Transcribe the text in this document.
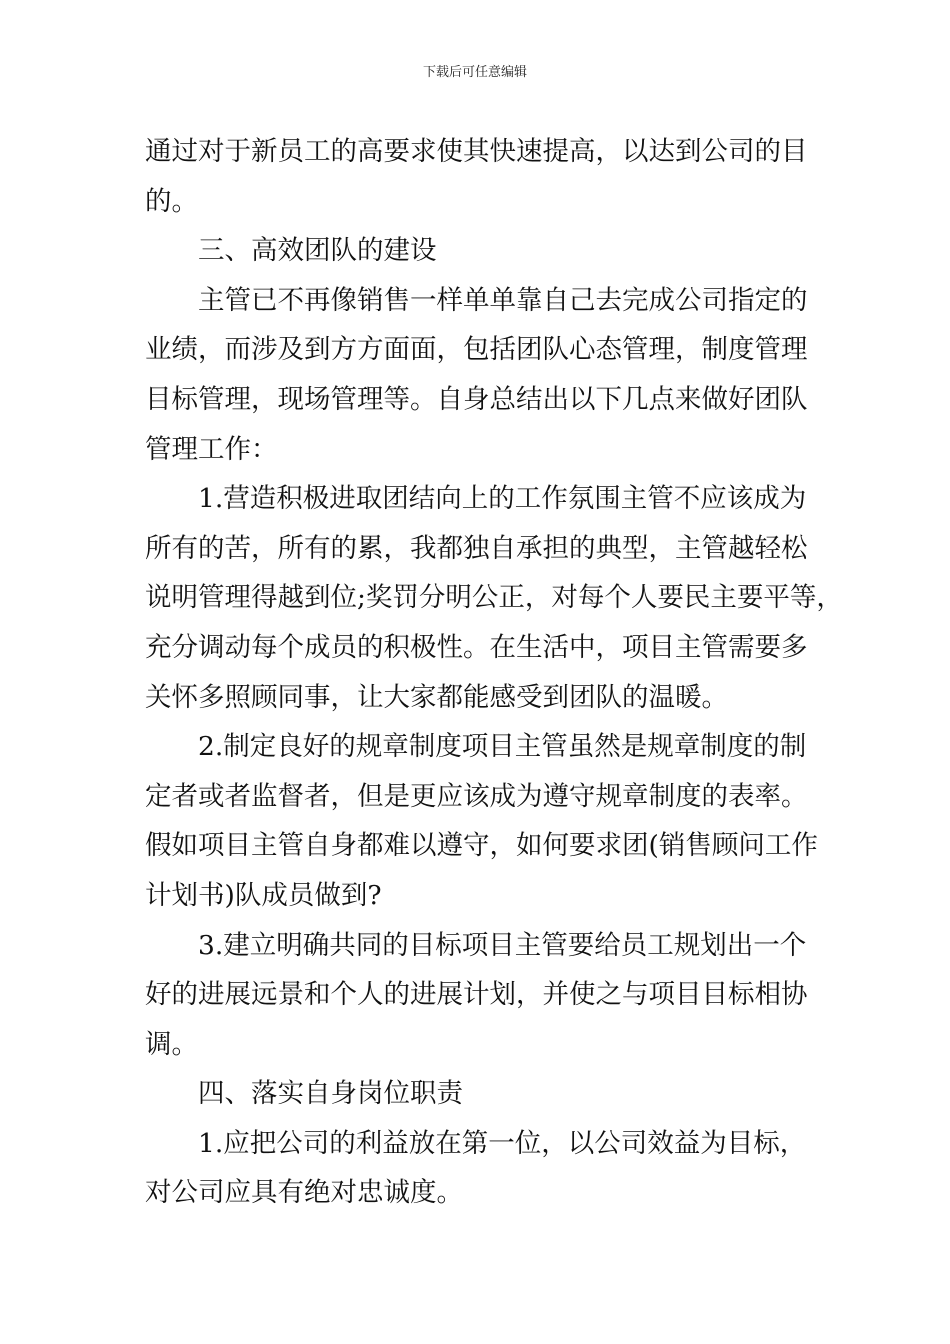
下载后可任意编辑

通过对于新员工的高要求使其快速提高，以达到公司的目
的。

三、高效团队的建设

主管已不再像销售一样单单靠自己去完成公司指定的
业绩，而涉及到方方面面，包括团队心态管理，制度管理
目标管理，现场管理等。自身总结出以下几点来做好团队
管理工作：

1.营造积极进取团结向上的工作氛围主管不应该成为
所有的苦，所有的累，我都独自承担的典型，主管越轻松
说明管理得越到位;奖罚分明公正，对每个人要民主要平等，
充分调动每个成员的积极性。在生活中，项目主管需要多
关怀多照顾同事，让大家都能感受到团队的温暖。

2.制定良好的规章制度项目主管虽然是规章制度的制
定者或者监督者，但是更应该成为遵守规章制度的表率。
假如项目主管自身都难以遵守，如何要求团(销售顾问工作
计划书)队成员做到?

3.建立明确共同的目标项目主管要给员工规划出一个
好的进展远景和个人的进展计划，并使之与项目目标相协
调。

四、落实自身岗位职责

1.应把公司的利益放在第一位，以公司效益为目标，
对公司应具有绝对忠诚度。
